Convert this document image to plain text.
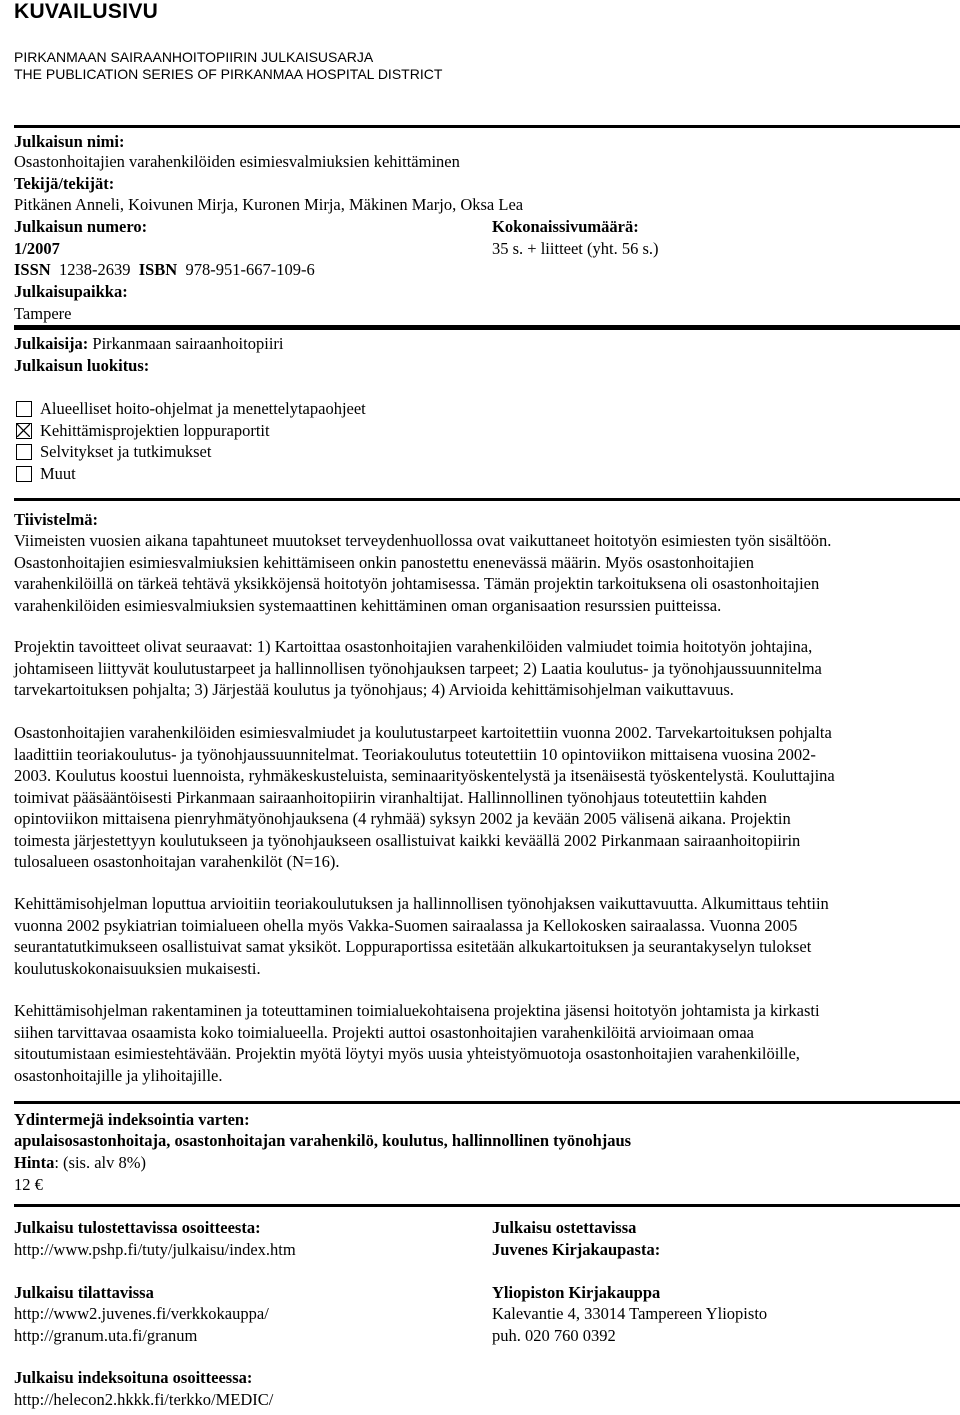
KUVAILUSIVU
PIRKANMAAN SAIRAANHOITOPIIRIN JULKAISUSARJA
THE PUBLICATION SERIES OF PIRKANMAA HOSPITAL DISTRICT
Julkaisun nimi:
Osastonhoitajien varahenkilöiden esimiesvalmiuksien kehittäminen
Tekijä/tekijät:
Pitkänen Anneli, Koivunen Mirja, Kuronen Mirja, Mäkinen Marjo, Oksa Lea
Julkaisun numero:
1/2007
Kokonaissivumäärä:
35 s. + liitteet (yht. 56 s.)
ISSN 1238-2639 ISBN 978-951-667-109-6
Julkaisupaikka:
Tampere
Julkaisija: Pirkanmaan sairaanhoitopiiri
Julkaisun luokitus:
Alueelliset hoito-ohjelmat ja menettelytapaohjeet
Kehittämisprojektien loppuraportit
Selvitykset ja tutkimukset
Muut
Tiivistelmä:
Viimeisten vuosien aikana tapahtuneet muutokset terveydenhuollossa ovat vaikuttaneet hoitotyön esimiesten työn sisältöön.
Osastonhoitajien esimiesvalmiuksien kehittämiseen onkin panostettu enenevässä määrin. Myös osastonhoitajien
varahenkilöillä on tärkeä tehtävä yksikköjensä hoitotyön johtamisessa. Tämän projektin tarkoituksena oli osastonhoitajien
varahenkilöiden esimiesvalmiuksien systemaattinen kehittäminen oman organisaation resurssien puitteissa.
Projektin tavoitteet olivat seuraavat: 1) Kartoittaa osastonhoitajien varahenkilöiden valmiudet toimia hoitotyön johtajina,
johtamiseen liittyvät koulutustarpeet ja hallinnollisen työnohjauksen tarpeet; 2) Laatia koulutus- ja työnohjaussuunnitelma
tarvekartoituksen pohjalta; 3) Järjestää koulutus ja työnohjaus; 4) Arvioida kehittämisohjelman vaikuttavuus.
Osastonhoitajien varahenkilöiden esimiesvalmiudet ja koulutustarpeet kartoitettiin vuonna 2002. Tarvekartoituksen pohjalta
laadittiin teoriakoulutus- ja työnohjaussuunnitelmat. Teoriakoulutus toteutettiin 10 opintoviikon mittaisena vuosina 2002-
2003. Koulutus koostui luennoista, ryhmäkeskusteluista, seminaarityöskentelystä ja itsenäisestä työskentelystä. Kouluttajina
toimivat pääsääntöisesti Pirkanmaan sairaanhoitopiirin viranhaltijat. Hallinnollinen työnohjaus toteutettiin kahden
opintoviikon mittaisena pienryhmätyönohjauksena (4 ryhmää) syksyn 2002 ja kevään 2005 välisenä aikana. Projektin
toimesta järjestettyyn koulutukseen ja työnohjaukseen osallistuivat kaikki keväällä 2002 Pirkanmaan sairaanhoitopiirin
tulosalueen osastonhoitajan varahenkilöt (N=16).
Kehittämisohjelman loputtua arvioitiin teoriakoulutuksen ja hallinnollisen työnohjaksen vaikuttavuutta. Alkumittaus tehtiin
vuonna 2002 psykiatrian toimialueen ohella myös Vakka-Suomen sairaalassa ja Kellokosken sairaalassa. Vuonna 2005
seurantatutkimukseen osallistuivat samat yksiköt. Loppuraportissa esitetään alkukartoituksen ja seurantakyselyn tulokset
koulutuskokonaisuuksien mukaisesti.
Kehittämisohjelman rakentaminen ja toteuttaminen toimialuekohtaisena projektina jäsensi hoitotyön johtamista ja kirkasti
siihen tarvittavaa osaamista koko toimialueella. Projekti auttoi osastonhoitajien varahenkilöitä arvioimaan omaa
sitoutumistaan esimiestehtävään. Projektin myötä löytyi myös uusia yhteistyömuotoja osastonhoitajien varahenkilöille,
osastonhoitajille ja ylihoitajille.
Ydintermejä indeksointia varten:
apulaisosastonhoitaja, osastonhoitajan varahenkilö, koulutus, hallinnollinen työnohjaus
Hinta: (sis. alv 8%)
12 €
Julkaisu tulostettavissa osoitteesta:
http://www.pshp.fi/tuty/julkaisu/index.htm
Julkaisu tilattavissa
http://www2.juvenes.fi/verkkokauppa/
http://granum.uta.fi/granum
Julkaisu indeksoituna osoitteessa:
http://helecon2.hkkk.fi/terkko/MEDIC/
Julkaisu ostettavissa
Juvenes Kirjakaupasta:
Yliopiston Kirjakauppa
Kalevantie 4, 33014 Tampereen Yliopisto
puh. 020 760 0392
